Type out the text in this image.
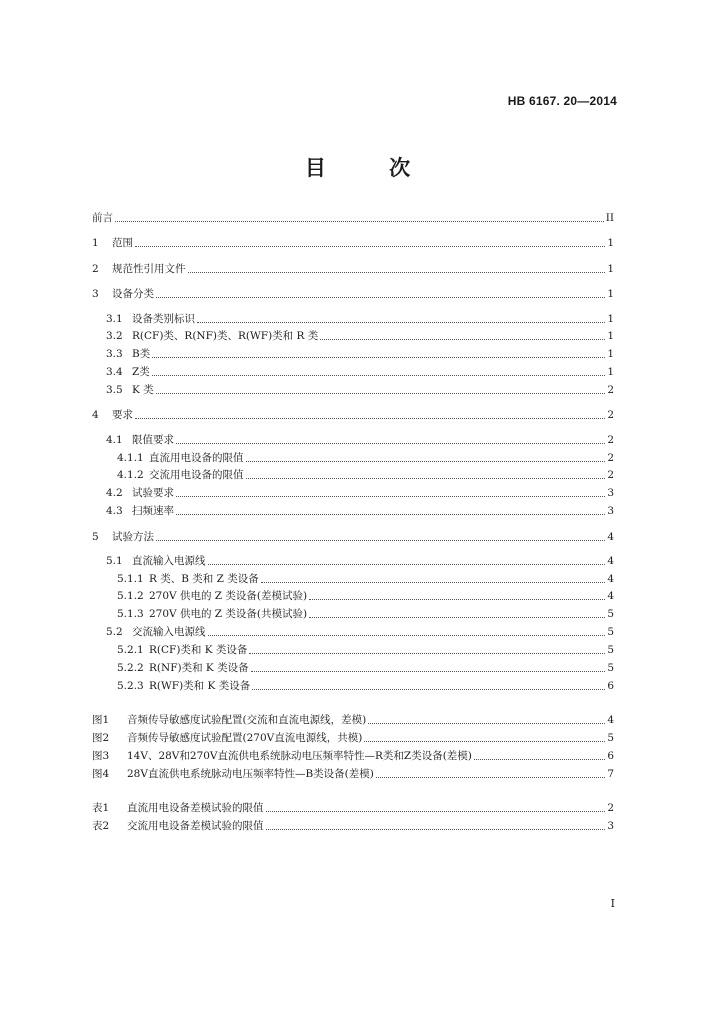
HB 6167. 20—2014
目 次
前言	II
1	范围	1
2	规范性引用文件	1
3	设备分类	1
3.1 设备类别标识	1
3.2 R(CF)类、R(NF)类、R(WF)类和 R 类	1
3.3 B类	1
3.4 Z类	1
3.5 K 类	2
4	要求	2
4.1 限值要求	2
4.1.1 直流用电设备的限值	2
4.1.2 交流用电设备的限值	2
4.2 试验要求	3
4.3 扫频速率	3
5	试验方法	4
5.1 直流输入电源线	4
5.1.1 R 类、B 类和 Z 类设备	4
5.1.2 270V 供电的 Z 类设备(差模试验)	4
5.1.3 270V 供电的 Z 类设备(共模试验)	5
5.2 交流输入电源线	5
5.2.1 R(CF)类和 K 类设备	5
5.2.2 R(NF)类和 K 类设备	5
5.2.3 R(WF)类和 K 类设备	6
图1	音频传导敏感度试验配置(交流和直流电源线，差模)	4
图2	音频传导敏感度试验配置(270V直流电源线，共模)	5
图3	14V、28V和270V直流供电系统脉动电压频率特性—R类和Z类设备(差模)	6
图4	28V直流供电系统脉动电压频率特性—B类设备(差模)	7
表1	直流用电设备差模试验的限值	2
表2	交流用电设备差模试验的限值	3
I
